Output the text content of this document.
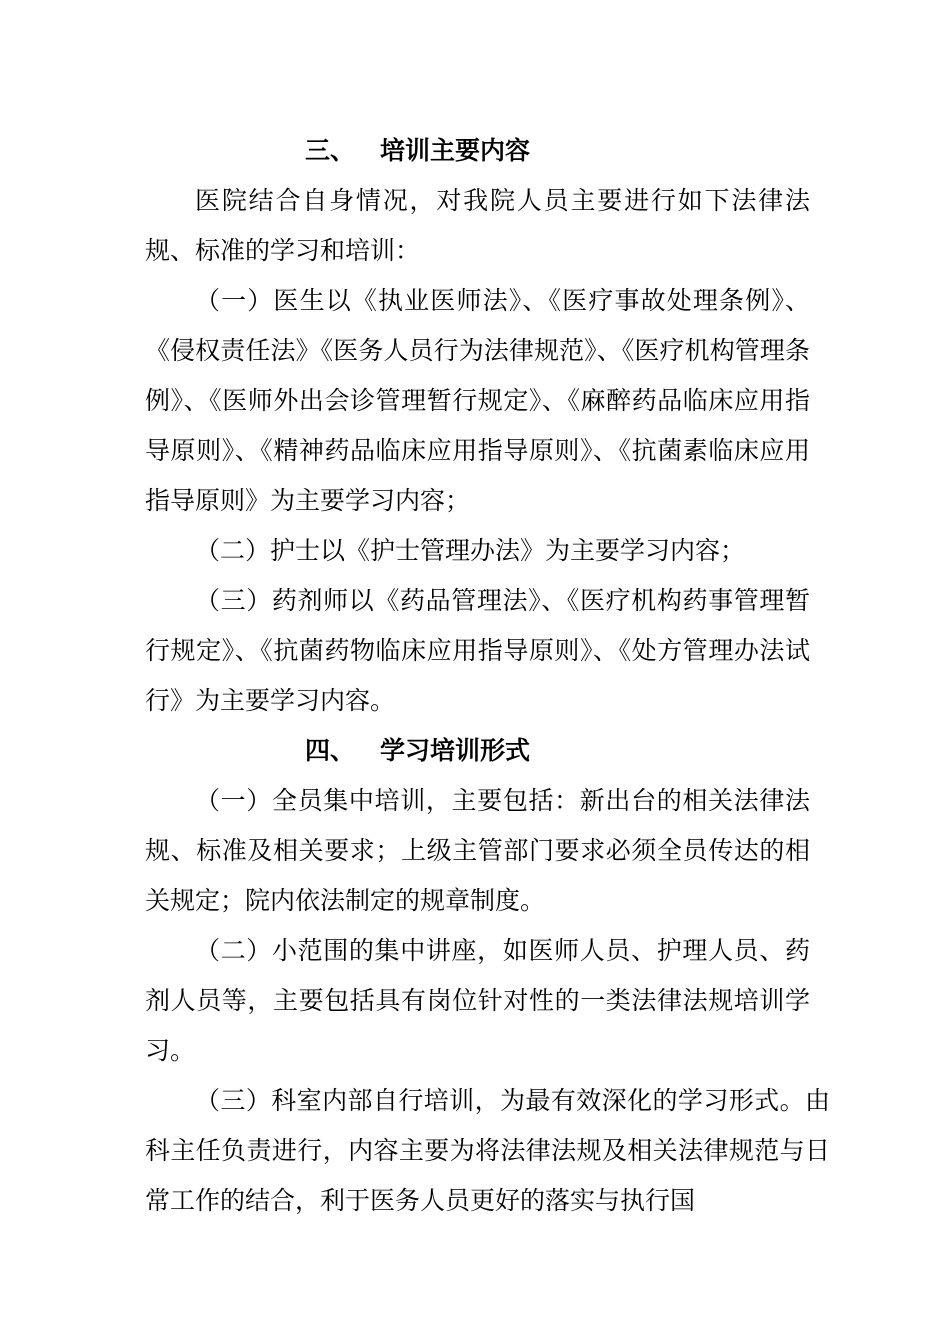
三、 培训主要内容

医院结合自身情况，对我院人员主要进行如下法律法规、标准的学习和培训：

（一）医生以《执业医师法》、《医疗事故处理条例》、《侵权责任法》《医务人员行为法律规范》、《医疗机构管理条例》、《医师外出会诊管理暂行规定》、《麻醉药品临床应用指导原则》、《精神药品临床应用指导原则》、《抗菌素临床应用指导原则》为主要学习内容；

（二）护士以《护士管理办法》为主要学习内容；

（三）药剂师以《药品管理法》、《医疗机构药事管理暂行规定》、《抗菌药物临床应用指导原则》、《处方管理办法试行》为主要学习内容。

四、 学习培训形式

（一）全员集中培训，主要包括：新出台的相关法律法规、标准及相关要求；上级主管部门要求必须全员传达的相关规定；院内依法制定的规章制度。

（二）小范围的集中讲座，如医师人员、护理人员、药剂人员等，主要包括具有岗位针对性的一类法律法规培训学习。

（三）科室内部自行培训，为最有效深化的学习形式。由科主任负责进行，内容主要为将法律法规及相关法律规范与日常工作的结合，利于医务人员更好的落实与执行国
